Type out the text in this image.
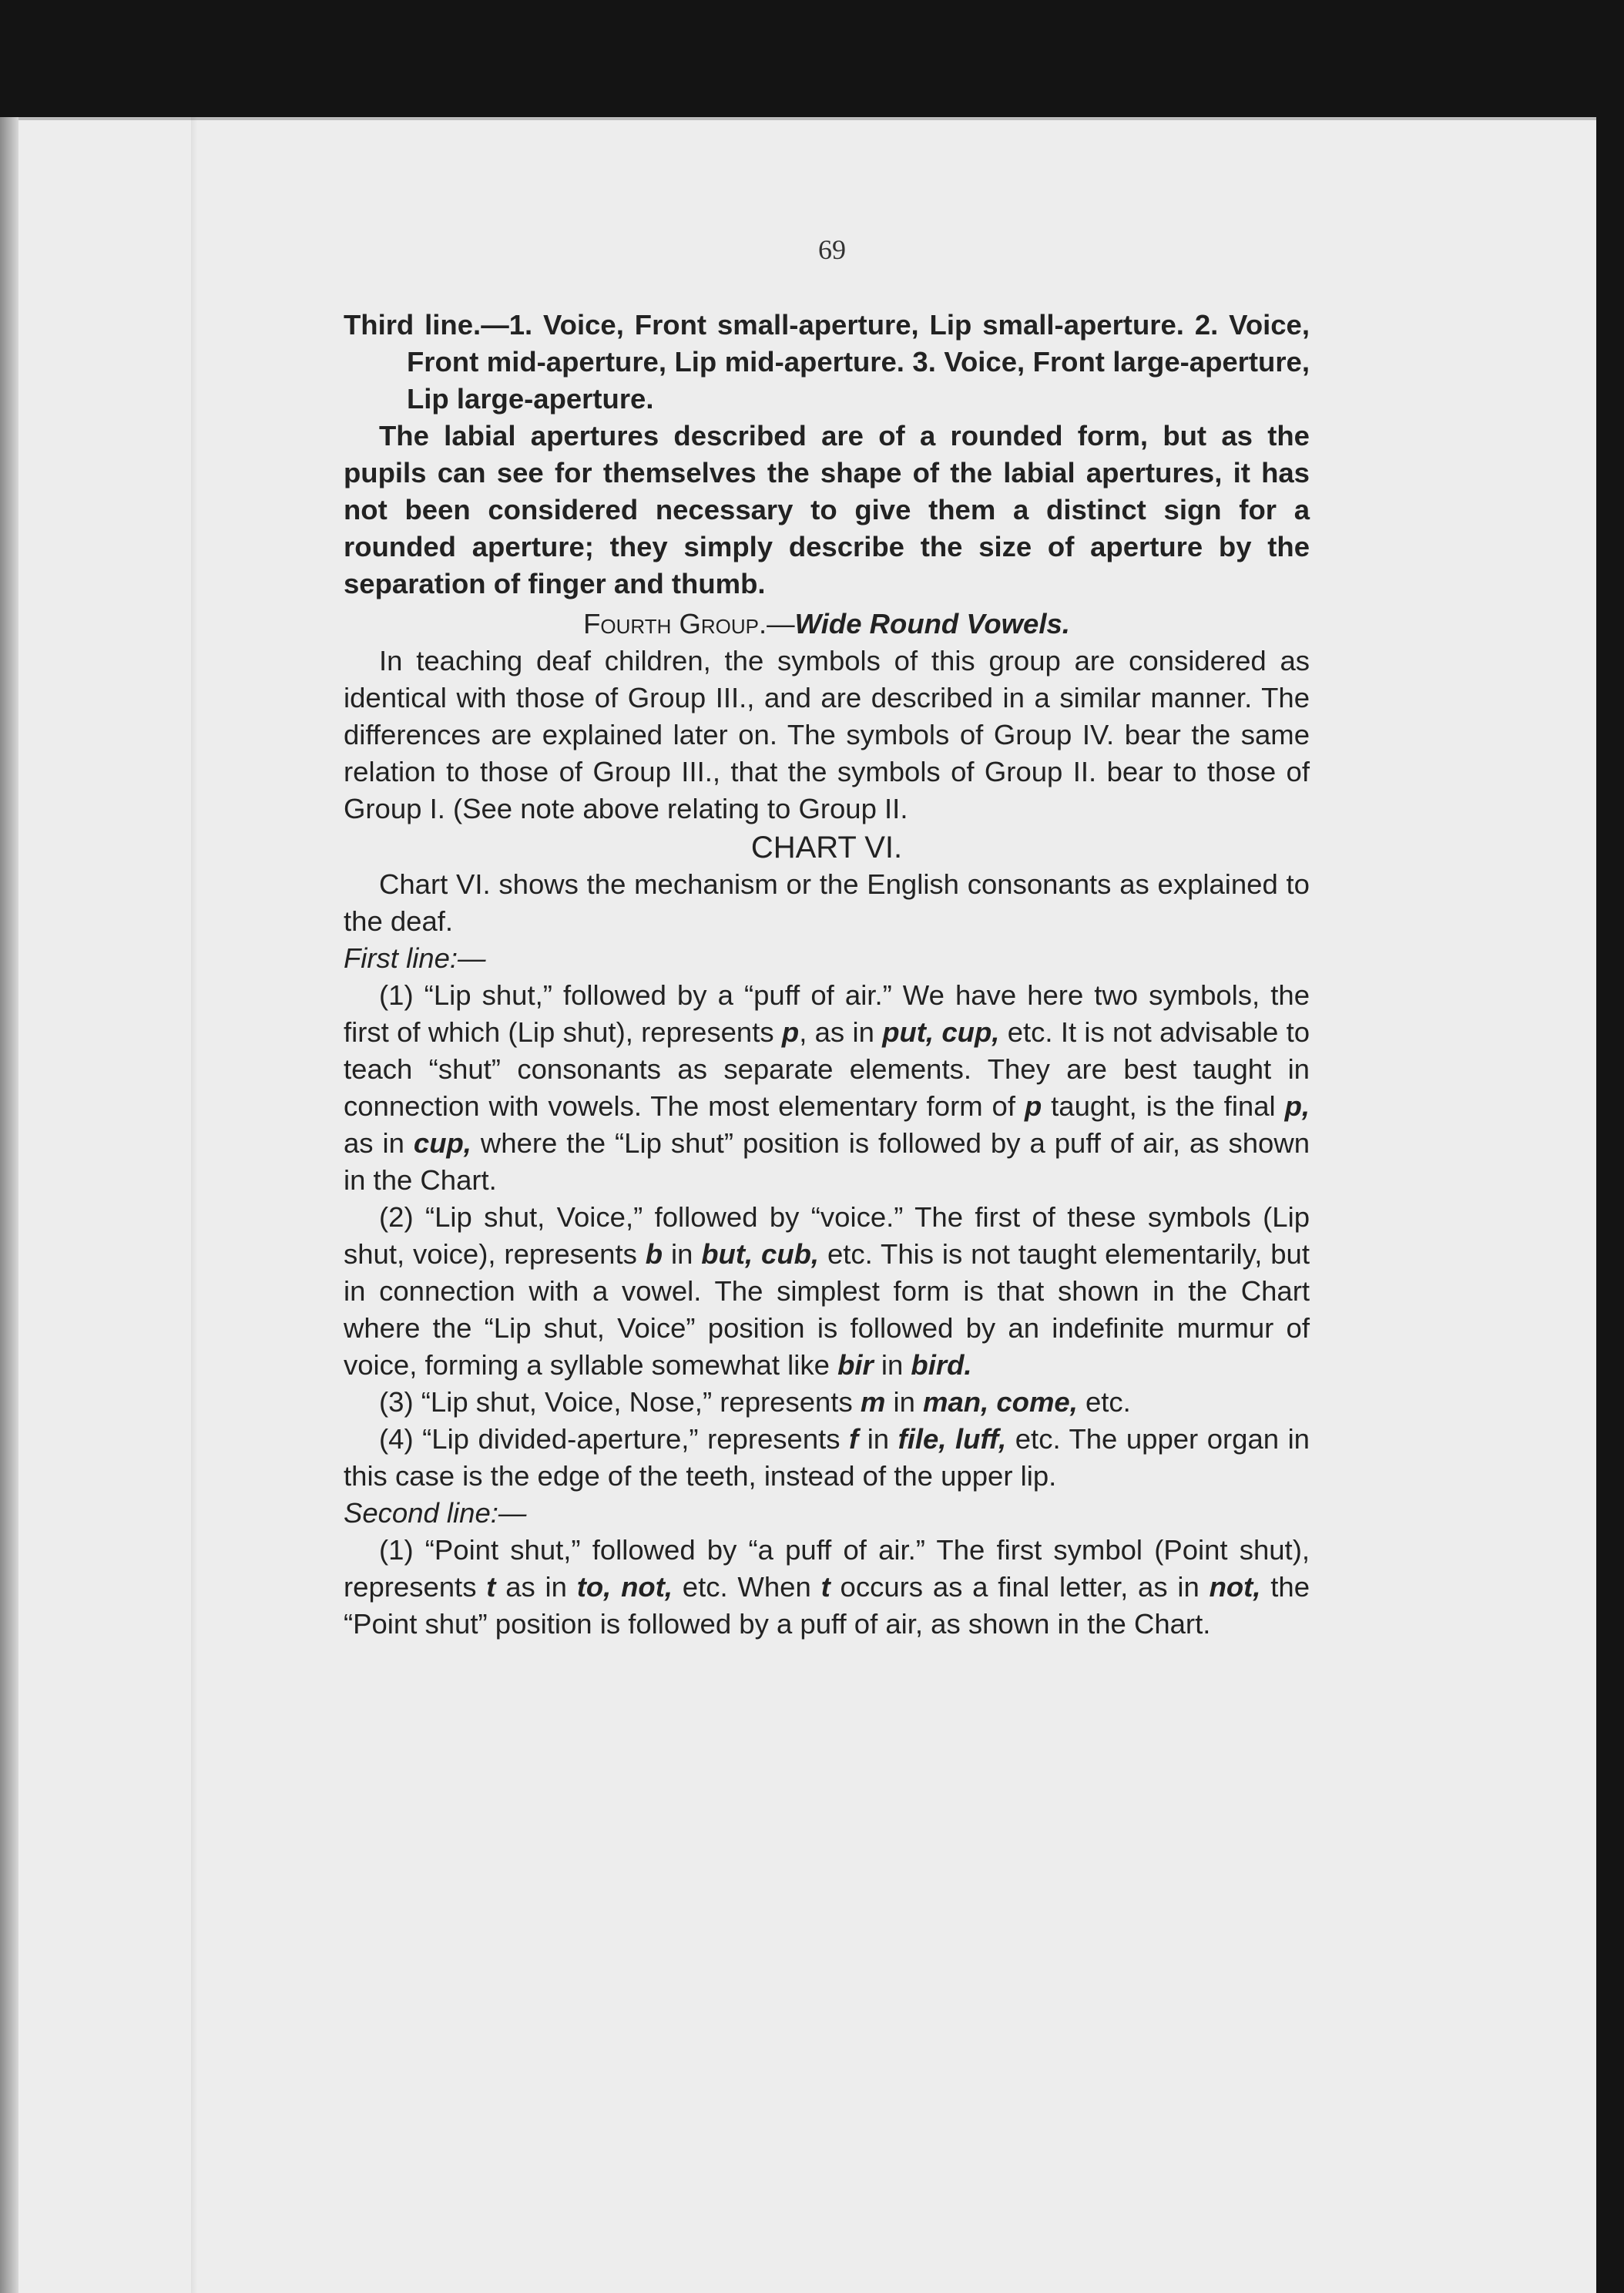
69

Third line.—1. Voice, Front small-aperture, Lip small-aperture. 2. Voice, Front mid-aperture, Lip mid-aperture. 3. Voice, Front large-aperture, Lip large-aperture.

The labial apertures described are of a rounded form, but as the pupils can see for themselves the shape of the labial apertures, it has not been considered necessary to give them a distinct sign for a rounded aperture; they simply describe the size of aperture by the separation of finger and thumb.

Fourth Group.—Wide Round Vowels.

In teaching deaf children, the symbols of this group are considered as identical with those of Group III., and are described in a similar manner. The differences are explained later on. The symbols of Group IV. bear the same relation to those of Group III., that the symbols of Group II. bear to those of Group I. (See note above relating to Group II.

CHART VI.

Chart VI. shows the mechanism or the English consonants as explained to the deaf.

First line:—

(1) “Lip shut,” followed by a “puff of air.” We have here two symbols, the first of which (Lip shut), represents p, as in put, cup, etc. It is not advisable to teach “shut” consonants as separate elements. They are best taught in connection with vowels. The most elementary form of p taught, is the final p, as in cup, where the “Lip shut” position is followed by a puff of air, as shown in the Chart.

(2) “Lip shut, Voice,” followed by “voice.” The first of these symbols (Lip shut, voice), represents b in but, cub, etc. This is not taught elementarily, but in connection with a vowel. The simplest form is that shown in the Chart where the “Lip shut, Voice” position is followed by an indefinite murmur of voice, forming a syllable somewhat like bir in bird.

(3) “Lip shut, Voice, Nose,” represents m in man, come, etc.

(4) “Lip divided-aperture,” represents f in file, luff, etc. The upper organ in this case is the edge of the teeth, instead of the upper lip.

Second line:—

(1) “Point shut,” followed by “a puff of air.” The first symbol (Point shut), represents t as in to, not, etc. When t occurs as a final letter, as in not, the “Point shut” position is followed by a puff of air, as shown in the Chart.
